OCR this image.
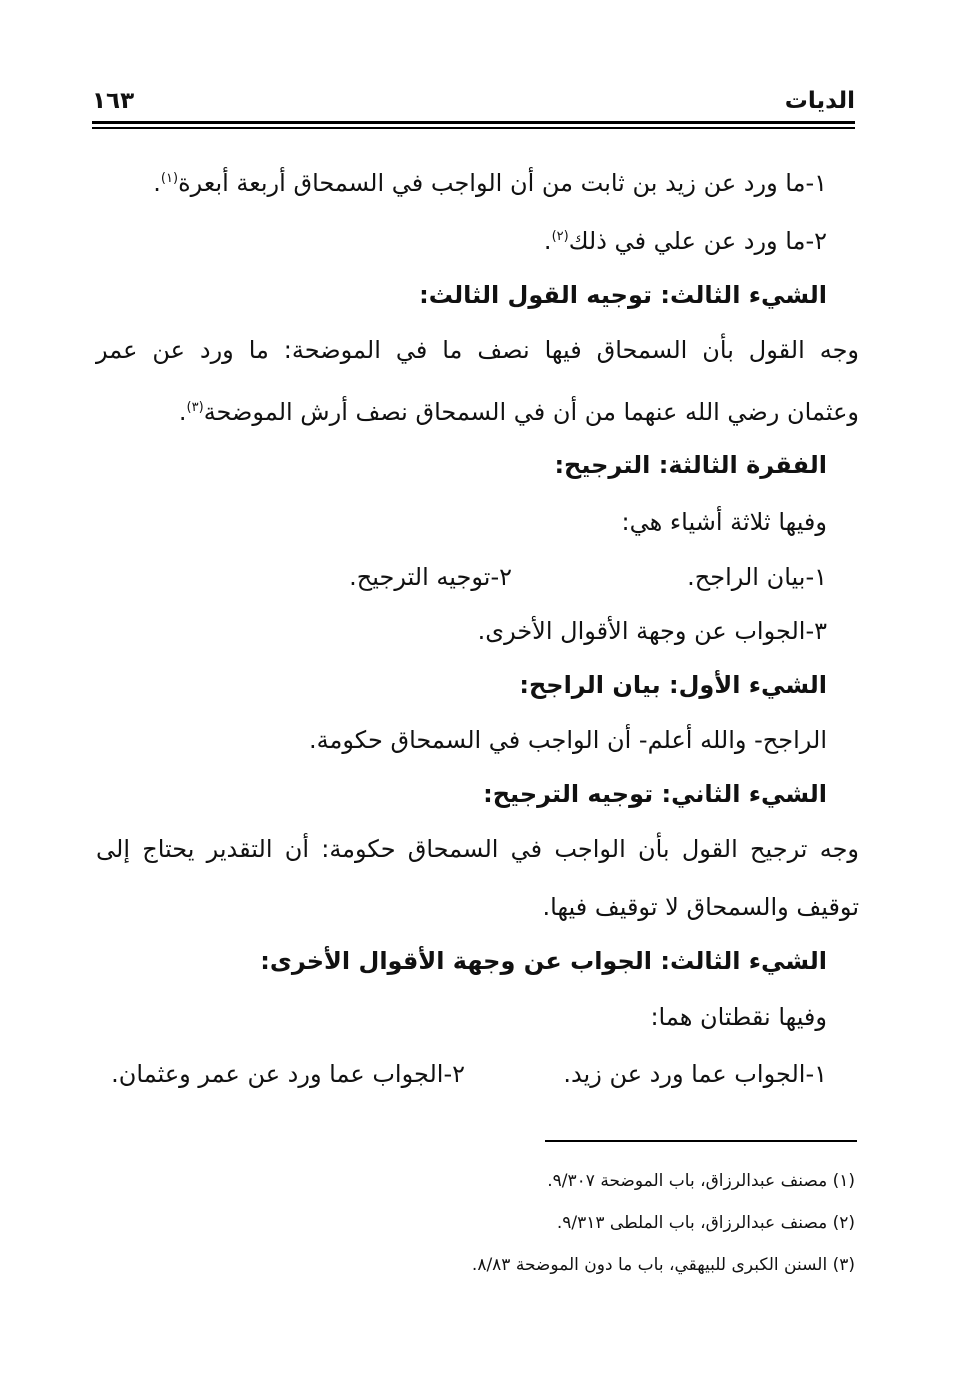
الديات
١٦٣
١-ما ورد عن زيد بن ثابت من أن الواجب في السمحاق أربعة أبعرة$^{(١)}$.
٢-ما ورد عن علي في ذلك$^{(٢)}$.
الشيء الثالث: توجيه القول الثالث:
وجه القول بأن السمحاق فيها نصف ما في الموضحة: ما ورد عن عمر
وعثمان رضي الله عنهما من أن في السمحاق نصف أرش الموضحة$^{(٣)}$.
الفقرة الثالثة: الترجيح:
وفيها ثلاثة أشياء هي:
١-بيان الراجح.
٢-توجيه الترجيح.
٣-الجواب عن وجهة الأقوال الأخرى.
الشيء الأول: بيان الراجح:
الراجح- والله أعلم- أن الواجب في السمحاق حكومة.
الشيء الثاني: توجيه الترجيح:
وجه ترجيح القول بأن الواجب في السمحاق حكومة: أن التقدير يحتاج إلى
توقيف والسمحاق لا توقيف فيها.
الشيء الثالث: الجواب عن وجهة الأقوال الأخرى:
وفيها نقطتان هما:
١-الجواب عما ورد عن زيد.
٢-الجواب عما ورد عن عمر وعثمان.
(١) مصنف عبدالرزاق، باب الموضحة ٩/٣٠٧.
(٢) مصنف عبدالرزاق، باب الملطى ٩/٣١٣.
(٣) السنن الكبرى للبيهقي، باب ما دون الموضحة ٨/٨٣.
